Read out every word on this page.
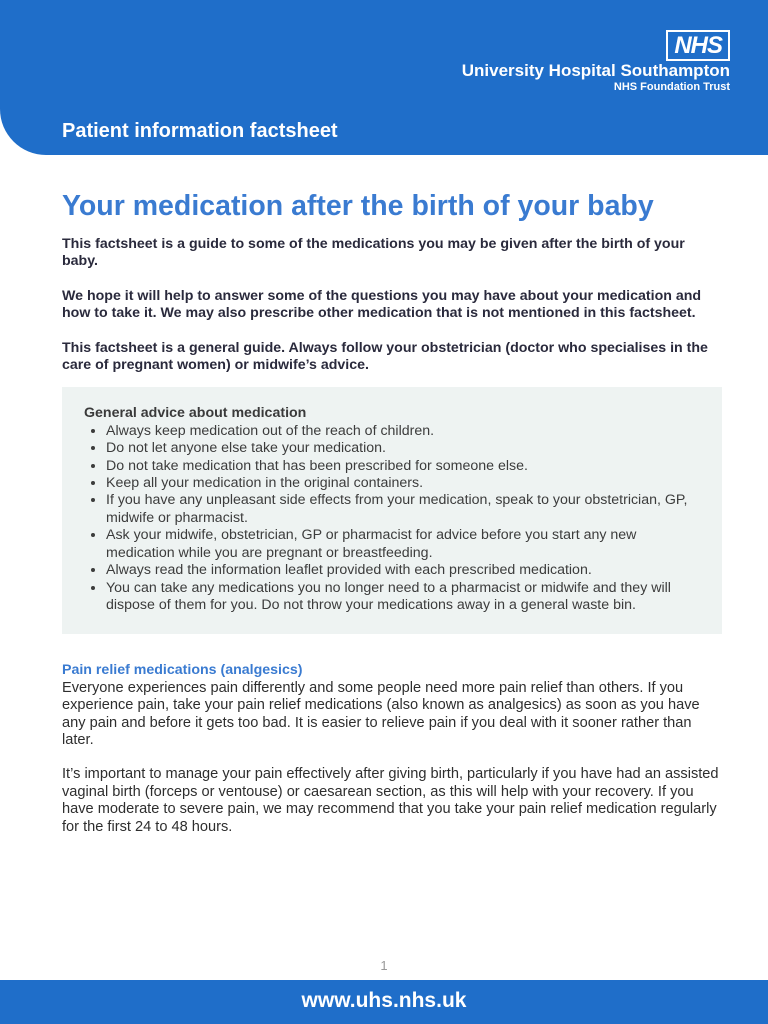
NHS
University Hospital Southampton
NHS Foundation Trust
Patient information factsheet
Your medication after the birth of your baby

This factsheet is a guide to some of the medications you may be given after the birth of your baby.

We hope it will help to answer some of the questions you may have about your medication and how to take it. We may also prescribe other medication that is not mentioned in this factsheet.

This factsheet is a general guide. Always follow your obstetrician (doctor who specialises in the care of pregnant women) or midwife’s advice.

General advice about medication
• Always keep medication out of the reach of children.
• Do not let anyone else take your medication.
• Do not take medication that has been prescribed for someone else.
• Keep all your medication in the original containers.
• If you have any unpleasant side effects from your medication, speak to your obstetrician, GP, midwife or pharmacist.
• Ask your midwife, obstetrician, GP or pharmacist for advice before you start any new medication while you are pregnant or breastfeeding.
• Always read the information leaflet provided with each prescribed medication.
• You can take any medications you no longer need to a pharmacist or midwife and they will dispose of them for you. Do not throw your medications away in a general waste bin.
Pain relief medications (analgesics)

Everyone experiences pain differently and some people need more pain relief than others. If you experience pain, take your pain relief medications (also known as analgesics) as soon as you have any pain and before it gets too bad. It is easier to relieve pain if you deal with it sooner rather than later.

It’s important to manage your pain effectively after giving birth, particularly if you have had an assisted vaginal birth (forceps or ventouse) or caesarean section, as this will help with your recovery. If you have moderate to severe pain, we may recommend that you take your pain relief medication regularly for the first 24 to 48 hours.

1
www.uhs.nhs.uk
